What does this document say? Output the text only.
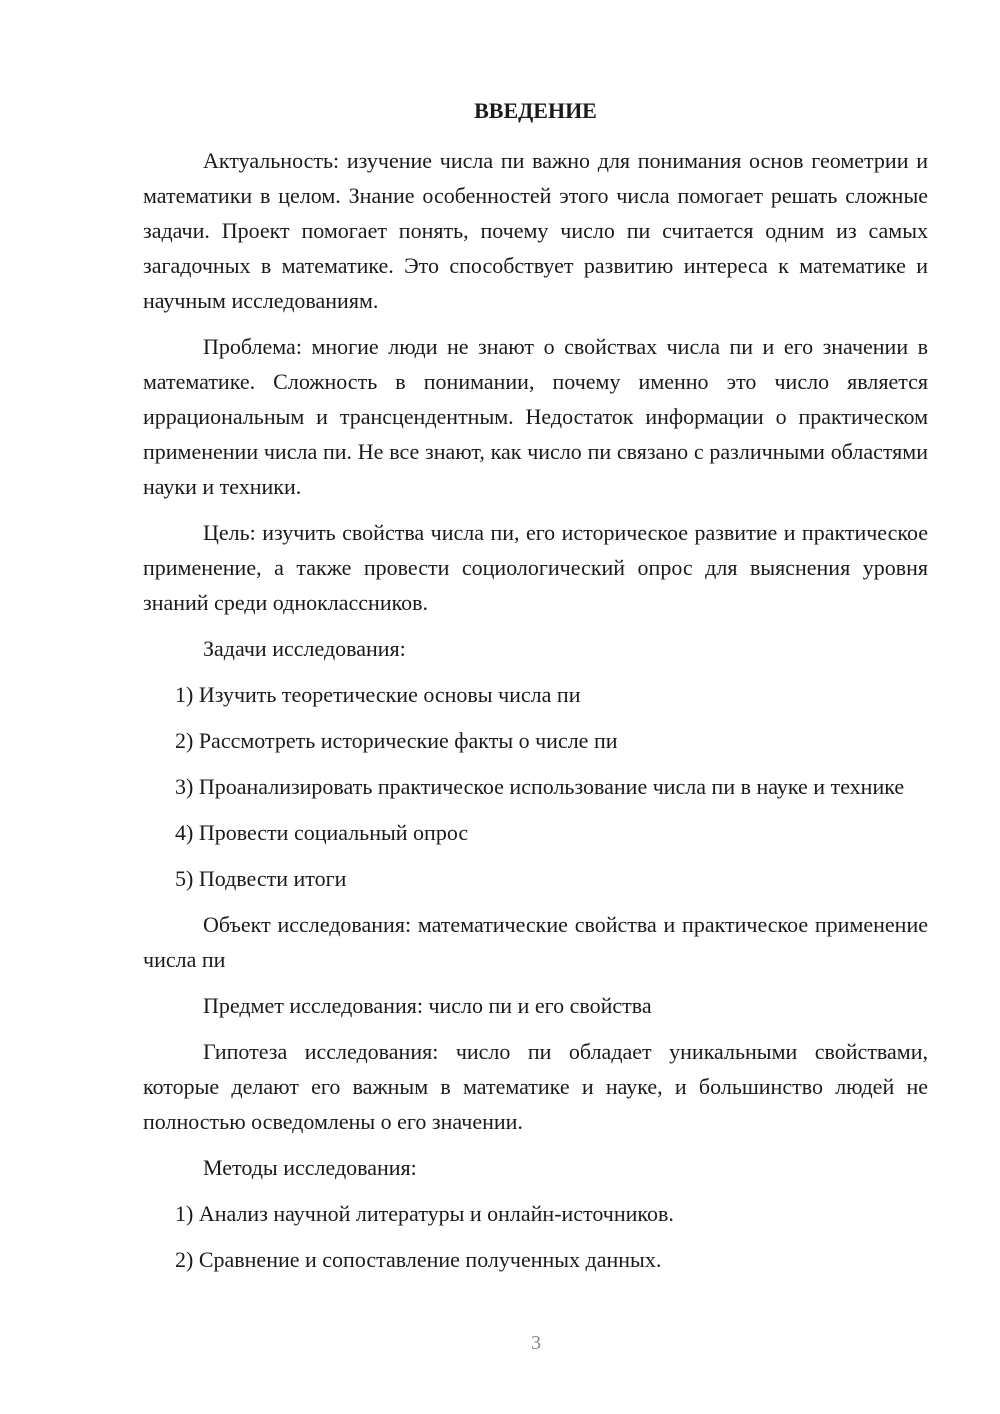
ВВЕДЕНИЕ

Актуальность: изучение числа пи важно для понимания основ геометрии и математики в целом. Знание особенностей этого числа помогает решать сложные задачи. Проект помогает понять, почему число пи считается одним из самых загадочных в математике. Это способствует развитию интереса к математике и научным исследованиям.

Проблема: многие люди не знают о свойствах числа пи и его значении в математике. Сложность в понимании, почему именно это число является иррациональным и трансцендентным. Недостаток информации о практическом применении числа пи. Не все знают, как число пи связано с различными областями науки и техники.

Цель: изучить свойства числа пи, его историческое развитие и практическое применение, а также провести социологический опрос для выяснения уровня знаний среди одноклассников.

Задачи исследования:

1) Изучить теоретические основы числа пи

2) Рассмотреть исторические факты о числе пи

3) Проанализировать практическое использование числа пи в науке и технике

4) Провести социальный опрос

5) Подвести итоги

Объект исследования: математические свойства и практическое применение числа пи

Предмет исследования: число пи и его свойства

Гипотеза исследования: число пи обладает уникальными свойствами, которые делают его важным в математике и науке, и большинство людей не полностью осведомлены о его значении.

Методы исследования:

1) Анализ научной литературы и онлайн-источников.

2) Сравнение и сопоставление полученных данных.

3
